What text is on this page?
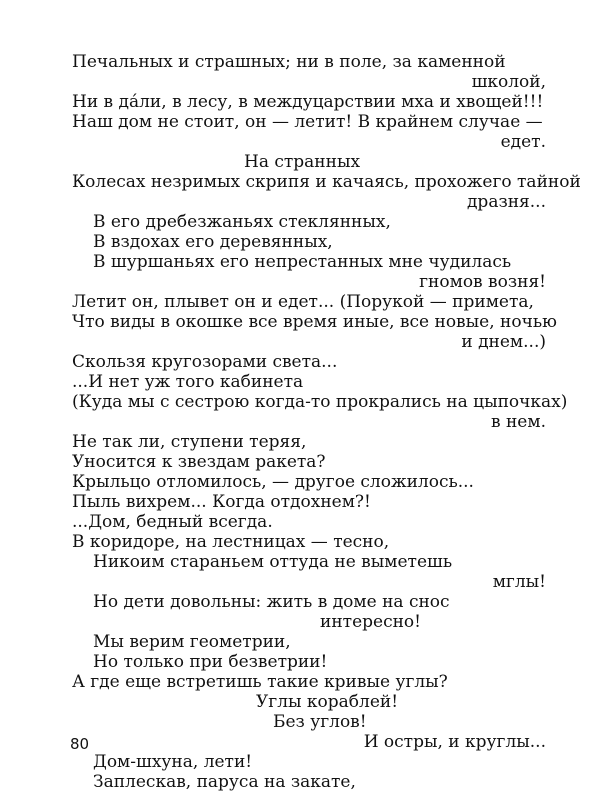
Печальных и страшных; ни в поле, за каменной

школой,

Ни в да́ли, в лесу, в междуцарствии мха и хвощей!!!

Наш дом не стоит, он — летит! В крайнем случае —

едет.

На странных

Колесах незримых скрипя и качаясь, прохожего тайной

дразня...

В его дребезжаньях стеклянных,

В вздохах его деревянных,

В шуршаньях его непрестанных мне чудилась

гномов возня!

Летит он, плывет он и едет... (Порукой — примета,

Что виды в окошке все время иные, все новые, ночью

и днем...)

Скользя кругозорами света...

...И нет уж того кабинета

(Куда мы с сестрою когда-то прокрались на цыпочках)

в нем.

Не так ли, ступени теряя,

Уносится к звездам ракета?

Крыльцо отломилось, — другое сложилось...

Пыль вихрем... Когда отдохнем?!

...Дом, бедный всегда.

В коридоре, на лестницах — тесно,

Никоим стараньем оттуда не выметешь

мглы!

Но дети довольны: жить в доме на снос

интересно!

Мы верим геометрии,

Но только при безветрии!

А где еще встретишь такие кривые углы?

Углы кораблей!

Без углов!

И остры, и круглы...

Дом-шхуна, лети!

Заплескав, паруса на закате,

80
